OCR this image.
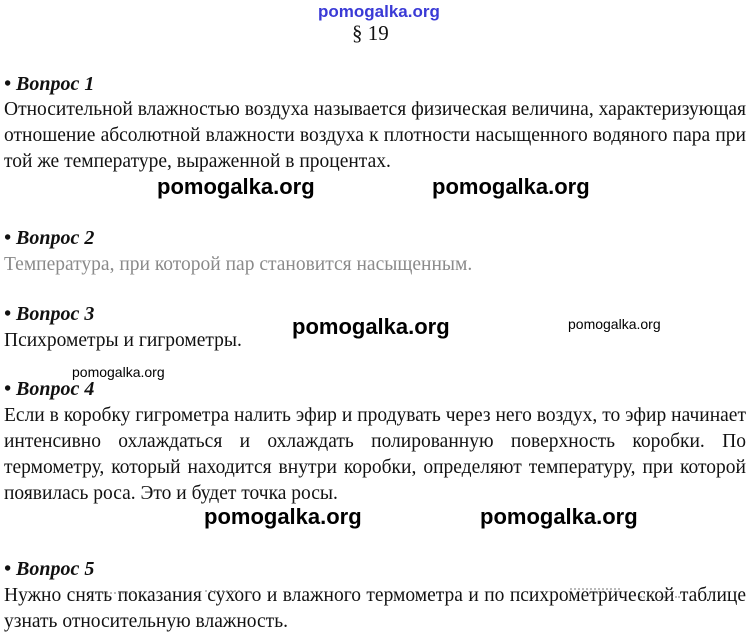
pomogalka.org
§ 19
• Вопрос 1
Относительной влажностью воздуха называется физическая величина, характеризующая отношение абсолютной влажности воздуха к плотности насыщенного водяного пара при той же температуре, выраженной в процентах.
• Вопрос 2
Температура, при которой пар становится насыщенным.
• Вопрос 3
Психрометры и гигрометры.
• Вопрос 4
Если в коробку гигрометра налить эфир и продувать через него воздух, то эфир начинает интенсивно охлаждаться и охлаждать полированную поверхность коробки. По термометру, который находится внутри коробки, определяют температуру, при которой появилась роса. Это и будет точка росы.
• Вопрос 5
Нужно снять показания сухого и влажного термометра и по психрометрической таблице узнать относительную влажность.
pomogalka.org	pomogalka.org
pomogalka.org	pomogalka.org
pomogalka.org
pomogalka.org	pomogalka.org
